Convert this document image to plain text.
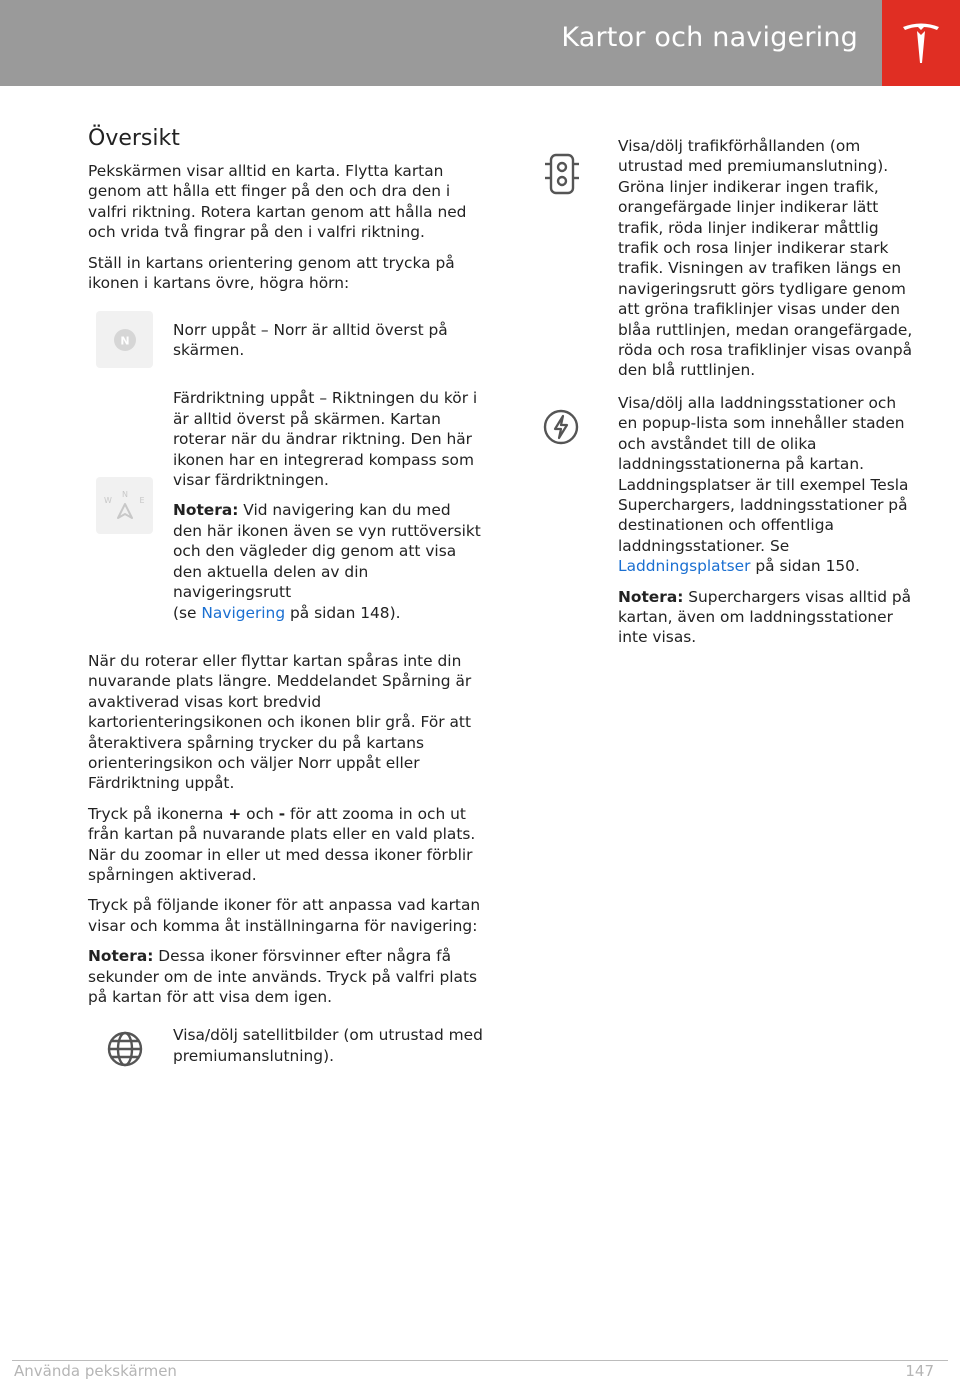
Kartor och navigering
Översikt

Pekskärmen visar alltid en karta. Flytta kartan genom att hålla ett finger på den och dra den i valfri riktning. Rotera kartan genom att hålla ned och vrida två fingrar på den i valfri riktning.

Ställ in kartans orientering genom att trycka på ikonen i kartans övre, högra hörn:

N

Norr uppåt – Norr är alltid överst på skärmen.

W
N
E

Färdriktning uppåt – Riktningen du kör i är alltid överst på skärmen. Kartan roterar när du ändrar riktning. Den här ikonen har en integrerad kompass som visar färdriktningen.

Notera: Vid navigering kan du med den här ikonen även se vyn ruttöversikt och den vägleder dig genom att visa den aktuella delen av din navigeringsrutt
(se Navigering på sidan 148).

När du roterar eller flyttar kartan spåras inte din nuvarande plats längre. Meddelandet Spårning är avaktiverad visas kort bredvid kartorienteringsikonen och ikonen blir grå. För att återaktivera spårning trycker du på kartans orienteringsikon och väljer Norr uppåt eller Färdriktning uppåt.

Tryck på ikonerna + och - för att zooma in och ut från kartan på nuvarande plats eller en vald plats. När du zoomar in eller ut med dessa ikoner förblir spårningen aktiverad.

Tryck på följande ikoner för att anpassa vad kartan visar och komma åt inställningarna för navigering:

Notera: Dessa ikoner försvinner efter några få sekunder om de inte används. Tryck på valfri plats på kartan för att visa dem igen.

Visa/dölj satellitbilder (om utrustad med premiumanslutning).

Visa/dölj trafikförhållanden (om utrustad med premiumanslutning). Gröna linjer indikerar ingen trafik, orangefärgade linjer indikerar lätt trafik, röda linjer indikerar måttlig trafik och rosa linjer indikerar stark trafik. Visningen av trafiken längs en navigeringsrutt görs tydligare genom att gröna trafiklinjer visas under den blåa ruttlinjen, medan orangefärgade, röda och rosa trafiklinjer visas ovanpå den blå ruttlinjen.

Visa/dölj alla laddningsstationer och en popup-lista som innehåller staden och avståndet till de olika laddningsstationerna på kartan. Laddningsplatser är till exempel Tesla Superchargers, laddningsstationer på destinationen och offentliga laddningsstationer. Se Laddningsplatser på sidan 150.

Notera: Superchargers visas alltid på kartan, även om laddningsstationer inte visas.

Använda pekskärmen	147
